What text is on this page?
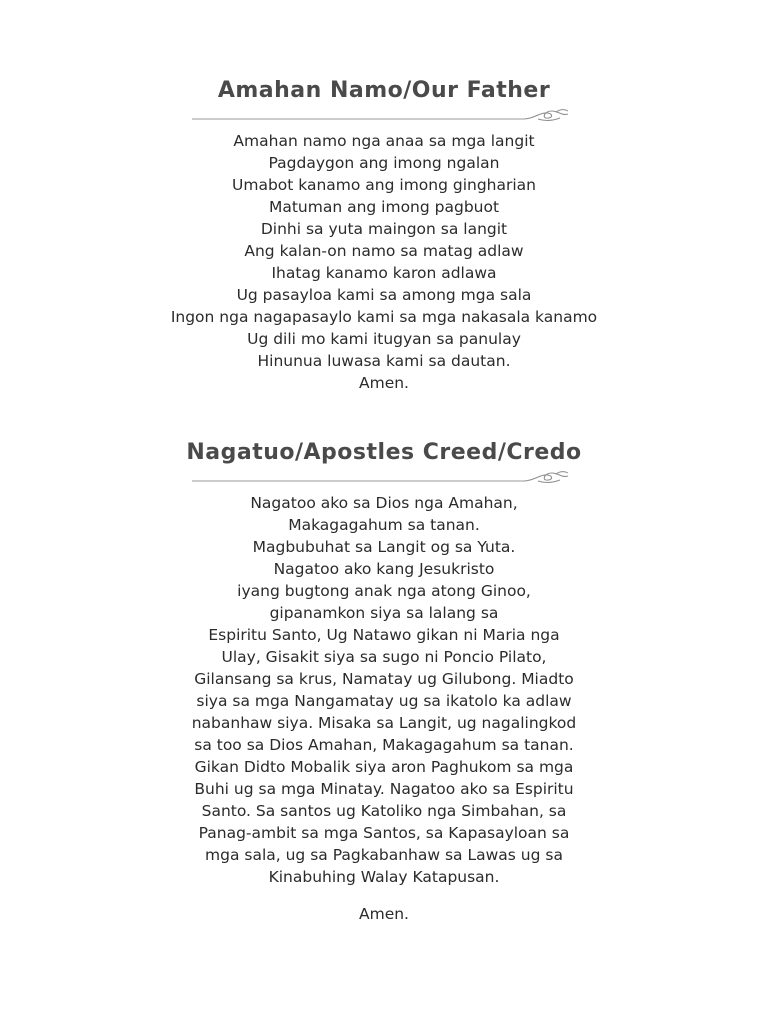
Amahan Namo/Our Father
Amahan namo nga anaa sa mga langit
Pagdaygon ang imong ngalan
Umabot kanamo ang imong gingharian
Matuman ang imong pagbuot
Dinhi sa yuta maingon sa langit
Ang kalan-on namo sa matag adlaw
Ihatag kanamo karon adlawa
Ug pasayloa kami sa among mga sala
Ingon nga nagapasaylo kami sa mga nakasala kanamo
Ug dili mo kami itugyan sa panulay
Hinunua luwasa kami sa dautan.
Amen.
Nagatuo/Apostles Creed/Credo
Nagatoo ako sa Dios nga Amahan,
Makagagahum sa tanan.
Magbubuhat sa Langit og sa Yuta.
Nagatoo ako kang Jesukristo
iyang bugtong anak nga atong Ginoo,
gipanamkon siya sa lalang sa
Espiritu Santo, Ug Natawo gikan ni Maria nga
Ulay, Gisakit siya sa sugo ni Poncio Pilato,
Gilansang sa krus, Namatay ug Gilubong. Miadto
siya sa mga Nangamatay ug sa ikatolo ka adlaw
nabanhaw siya. Misaka sa Langit, ug nagalingkod
sa too sa Dios Amahan, Makagagahum sa tanan.
Gikan Didto Mobalik siya aron Paghukom sa mga
Buhi ug sa mga Minatay. Nagatoo ako sa Espiritu
Santo. Sa santos ug Katoliko nga Simbahan, sa
Panag-ambit sa mga Santos, sa Kapasayloan sa
mga sala, ug sa Pagkabanhaw sa Lawas ug sa
Kinabuhing Walay Katapusan.
Amen.
